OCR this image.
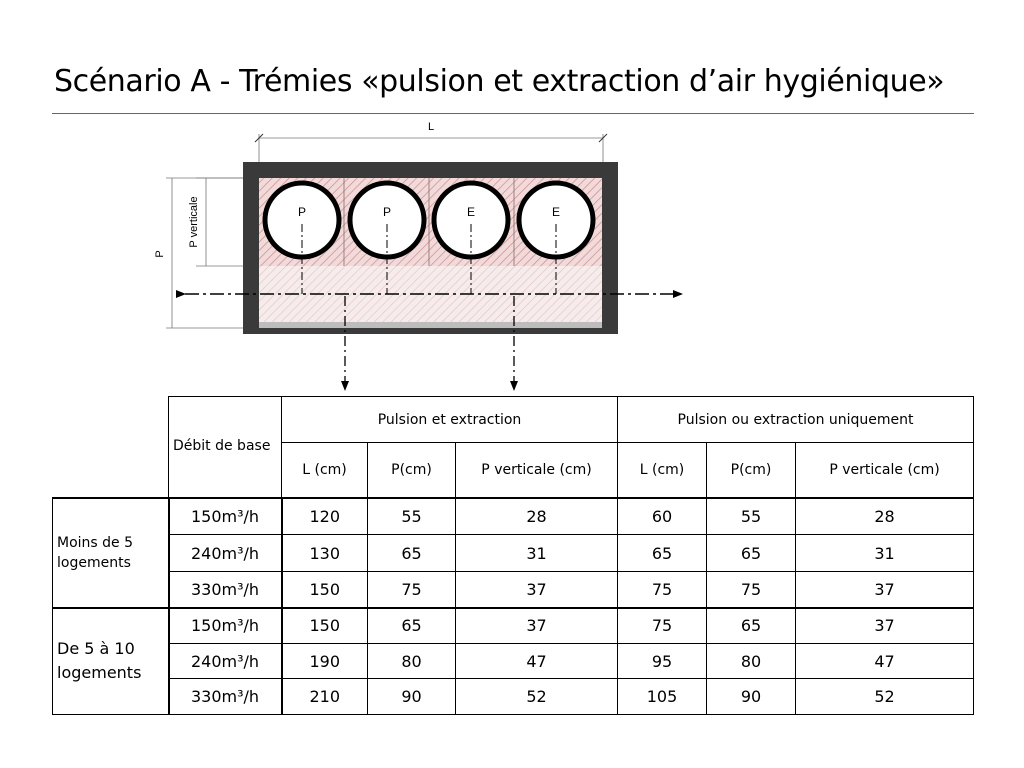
Scénario A - Trémies «pulsion et extraction d’air hygiénique»
L
P verticale
P
P	P	E	E
	Débit de base	Pulsion et extraction			Pulsion ou extraction uniquement		
		L (cm)	P(cm)	P verticale (cm)	L (cm)	P(cm)	P verticale (cm)
Moins de 5 logements	150m³/h	120	55	28	60	55	28
	240m³/h	130	65	31	65	65	31
	330m³/h	150	75	37	75	75	37
De 5 à 10 logements	150m³/h	150	65	37	75	65	37
	240m³/h	190	80	47	95	80	47
	330m³/h	210	90	52	105	90	52
